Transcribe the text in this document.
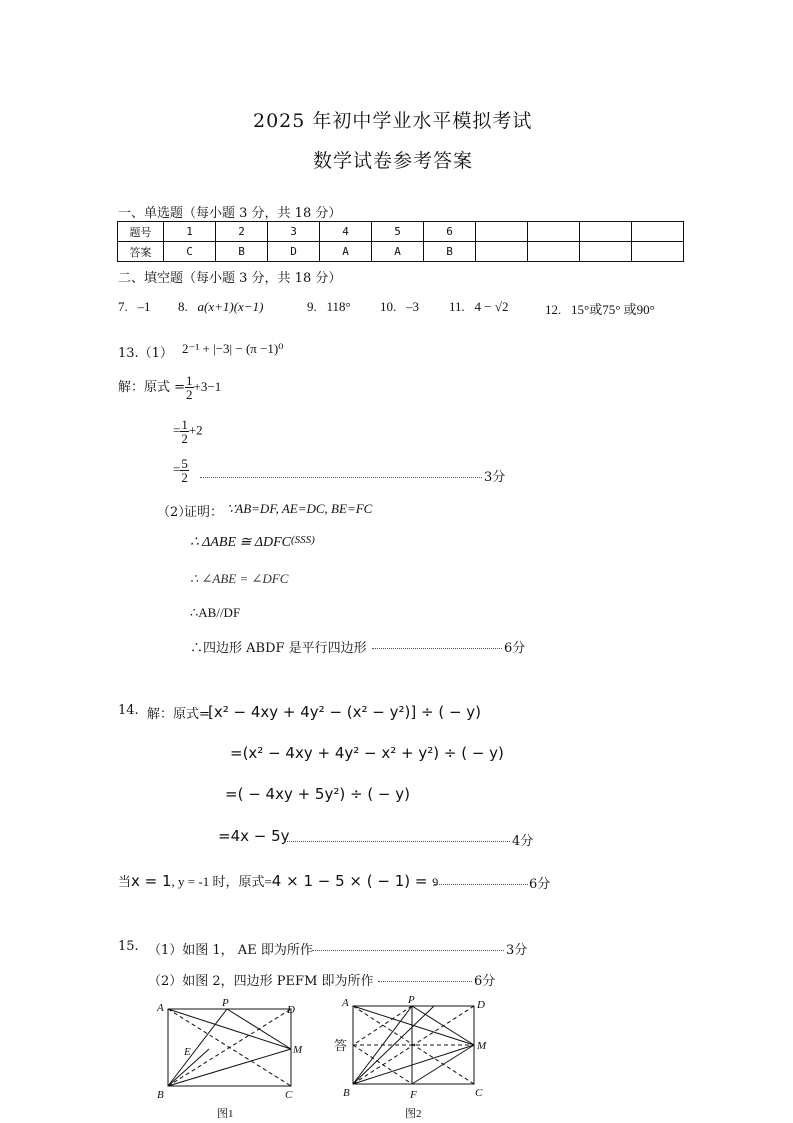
2025 年初中学业水平模拟考试
数学试卷参考答案
一、单选题（每小题 3 分，共 18 分）
题号	1	2	3	4	5	6				
答案	C	B	D	A	A	B				
二、填空题（每小题 3 分，共 18 分）
7. –1 8. a(x+1)(x−1)	9. 118° 10. –3 11. 4 − √2	12. 15°或75° 或90°
13.（1） 2⁻¹ + |−3| − (π −1)⁰
解：原式 = $\frac{1}{2} +3-1$
= $\frac{1}{2} +2$
= $\frac{5}{2}$	3分
（2）
证明： ∵AB=DF, AE=DC, BE=FC
∴ ΔABE ≅ $\Delta DFC^{(SSS)}$
∴ ∠ABE = ∠DFC
∴AB//DF
∴四边形 ABDF 是平行四边形	6分
14. 解：原式=
[x² − 4xy + 4y² − (x² − y²)] ÷ ( − y)
=(x² − 4xy + 4y² − x² + y²) ÷ ( − y)
=( − 4xy + 5y²) ÷ ( − y)
=4x − 5y	4分
当x = 1, y = -1 时，原式=4 × 1 − 5 × ( − 1) = 9	6分
15. （1）如图 1， AE 即为所作	3分
（2）如图 2，四边形 PEFM 即为所作	6分
A	P
D
E	M
B	C
图1
A	P	D
M
B	F	C
答
图2
